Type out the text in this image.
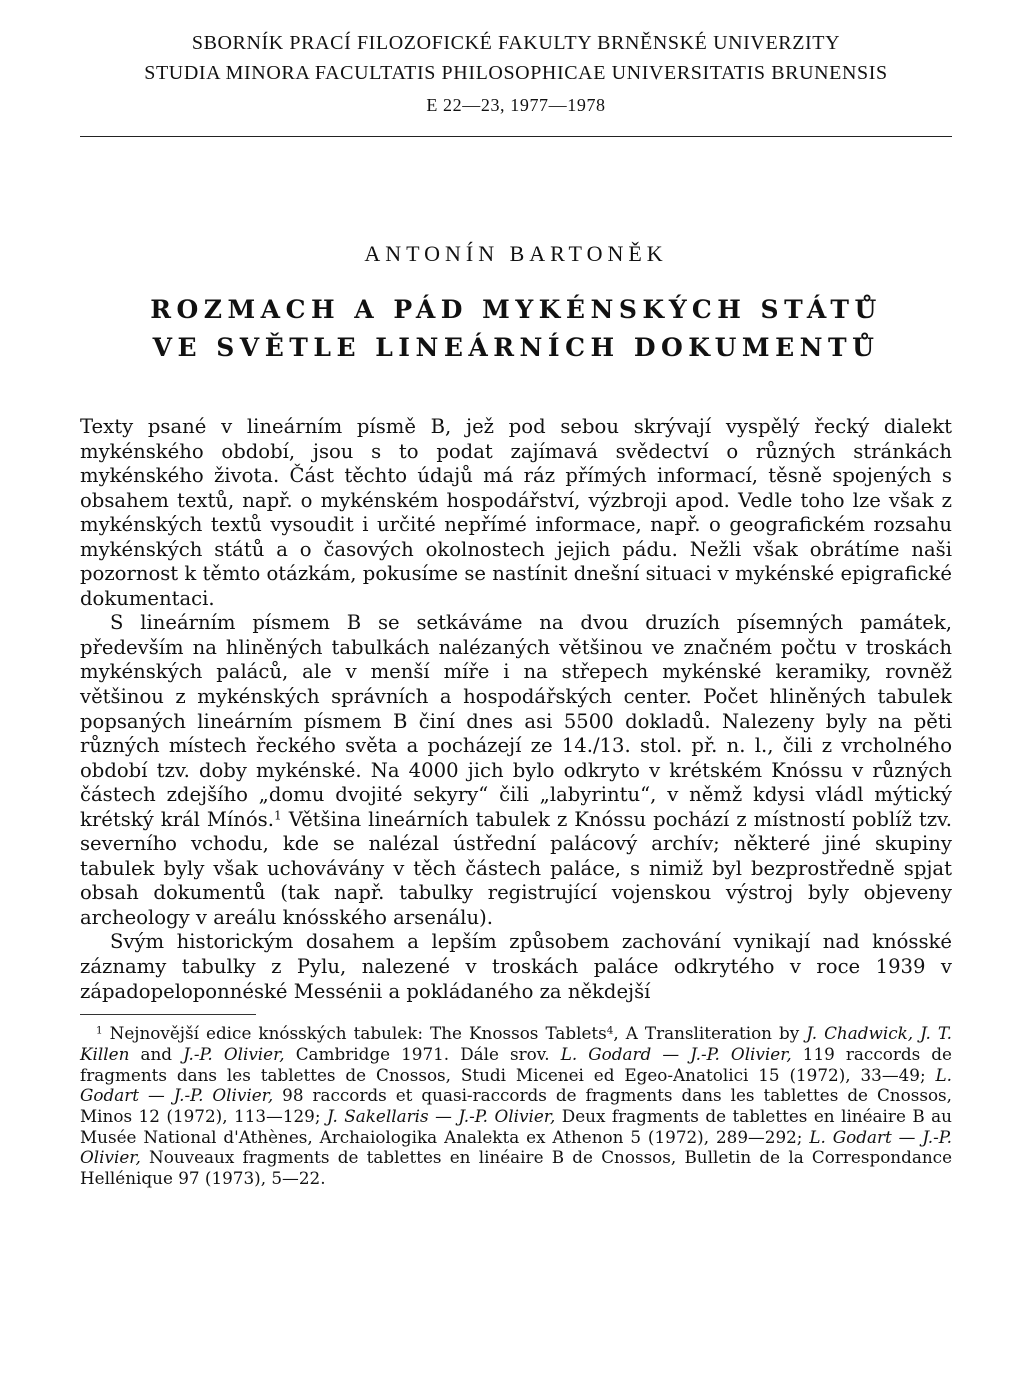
SBORNÍK PRACÍ FILOZOFICKÉ FAKULTY BRNĚNSKÉ UNIVERZITY
STUDIA MINORA FACULTATIS PHILOSOPHICAE UNIVERSITATIS BRUNENSIS
E 22—23, 1977—1978
ANTONÍN BARTONĚK
ROZMACH A PÁD MYKÉNSKÝCH STÁTŮ
VE SVĚTLE LINEÁRNÍCH DOKUMENTŮ

Texty psané v lineárním písmě B, jež pod sebou skrývají vyspělý řecký dialekt mykénského období, jsou s to podat zajímavá svědectví o různých stránkách mykénského života. Část těchto údajů má ráz přímých informací, těsně spojených s obsahem textů, např. o mykénském hospodářství, výzbroji apod. Vedle toho lze však z mykénských textů vysoudit i určité nepřímé informace, např. o geografickém rozsahu mykénských států a o časových okolnostech jejich pádu. Nežli však obrátíme naši pozornost k těmto otázkám, pokusíme se nastínit dnešní situaci v mykénské epigrafické dokumentaci.

S lineárním písmem B se setkáváme na dvou druzích písemných památek, především na hliněných tabulkách nalézaných většinou ve značném počtu v troskách mykénských paláců, ale v menší míře i na střepech mykénské keramiky, rovněž většinou z mykénských správních a hospodářských center. Počet hliněných tabulek popsaných lineárním písmem B činí dnes asi 5500 dokladů. Nalezeny byly na pěti různých místech řeckého světa a pocházejí ze 14./13. stol. př. n. l., čili z vrcholného období tzv. doby mykénské. Na 4000 jich bylo odkryto v krétském Knóssu v různých částech zdejšího „domu dvojité sekyry“ čili „labyrintu“, v němž kdysi vládl mýtický krétský král Mínós.$^1$ Většina lineárních tabulek z Knóssu pochází z místností poblíž tzv. severního vchodu, kde se nalézal ústřední palácový archív; některé jiné skupiny tabulek byly však uchovávány v těch částech paláce, s nimiž byl bezprostředně spjat obsah dokumentů (tak např. tabulky registrující vojenskou výstroj byly objeveny archeology v areálu knósského arsenálu).

Svým historickým dosahem a lepším způsobem zachování vynikají nad knósské záznamy tabulky z Pylu, nalezené v troskách paláce odkrytého v roce 1939 v západopeloponnéské Messénii a pokládaného za někdejší

$^1$ Nejnovější edice knósských tabulek: The Knossos Tablets$^4$, A Transliteration by J. Chadwick, J. T. Killen and J.-P. Olivier, Cambridge 1971. Dále srov. L. Godard — J.-P. Olivier, 119 raccords de fragments dans les tablettes de Cnossos, Studi Micenei ed Egeo-Anatolici 15 (1972), 33—49; L. Godart — J.-P. Olivier, 98 raccords et quasi-raccords de fragments dans les tablettes de Cnossos, Minos 12 (1972), 113—129; J. Sakellaris — J.-P. Olivier, Deux fragments de tablettes en linéaire B au Musée National d'Athènes, Archaiologika Analekta ex Athenon 5 (1972), 289—292; L. Godart — J.-P. Olivier, Nouveaux fragments de tablettes en linéaire B de Cnossos, Bulletin de la Correspondance Hellénique 97 (1973), 5—22.
